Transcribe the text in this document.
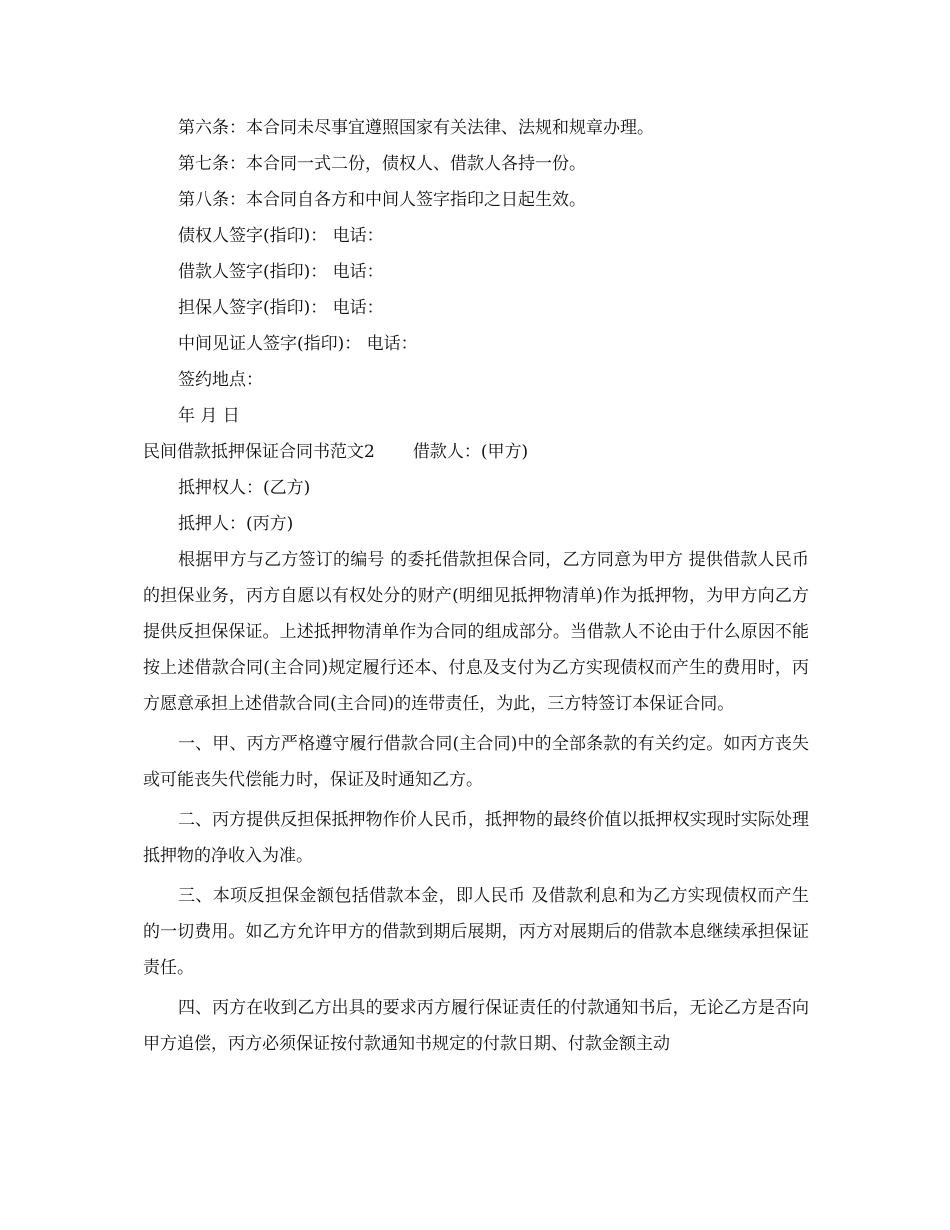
第六条：本合同未尽事宜遵照国家有关法律、法规和规章办理。
第七条：本合同一式二份，债权人、借款人各持一份。
第八条：本合同自各方和中间人签字指印之日起生效。
债权人签字(指印)： 电话：
借款人签字(指印)： 电话：
担保人签字(指印)： 电话：
中间见证人签字(指印)： 电话：
签约地点：
年 月 日
民间借款抵押保证合同书范文2 借款人：(甲方)
抵押权人：(乙方)
抵押人：(丙方)

根据甲方与乙方签订的编号 的委托借款担保合同，乙方同意为甲方 提供借款人民币 的担保业务，丙方自愿以有权处分的财产(明细见抵押物清单)作为抵押物，为甲方向乙方提供反担保保证。上述抵押物清单作为合同的组成部分。当借款人不论由于什么原因不能按上述借款合同(主合同)规定履行还本、付息及支付为乙方实现债权而产生的费用时，丙方愿意承担上述借款合同(主合同)的连带责任，为此，三方特签订本保证合同。

一、甲、丙方严格遵守履行借款合同(主合同)中的全部条款的有关约定。如丙方丧失或可能丧失代偿能力时，保证及时通知乙方。

二、丙方提供反担保抵押物作价人民币，抵押物的最终价值以抵押权实现时实际处理抵押物的净收入为准。

三、本项反担保金额包括借款本金，即人民币 及借款利息和为乙方实现债权而产生的一切费用。如乙方允许甲方的借款到期后展期，丙方对展期后的借款本息继续承担保证责任。

四、丙方在收到乙方出具的要求丙方履行保证责任的付款通知书后，无论乙方是否向甲方追偿，丙方必须保证按付款通知书规定的付款日期、付款金额主动
